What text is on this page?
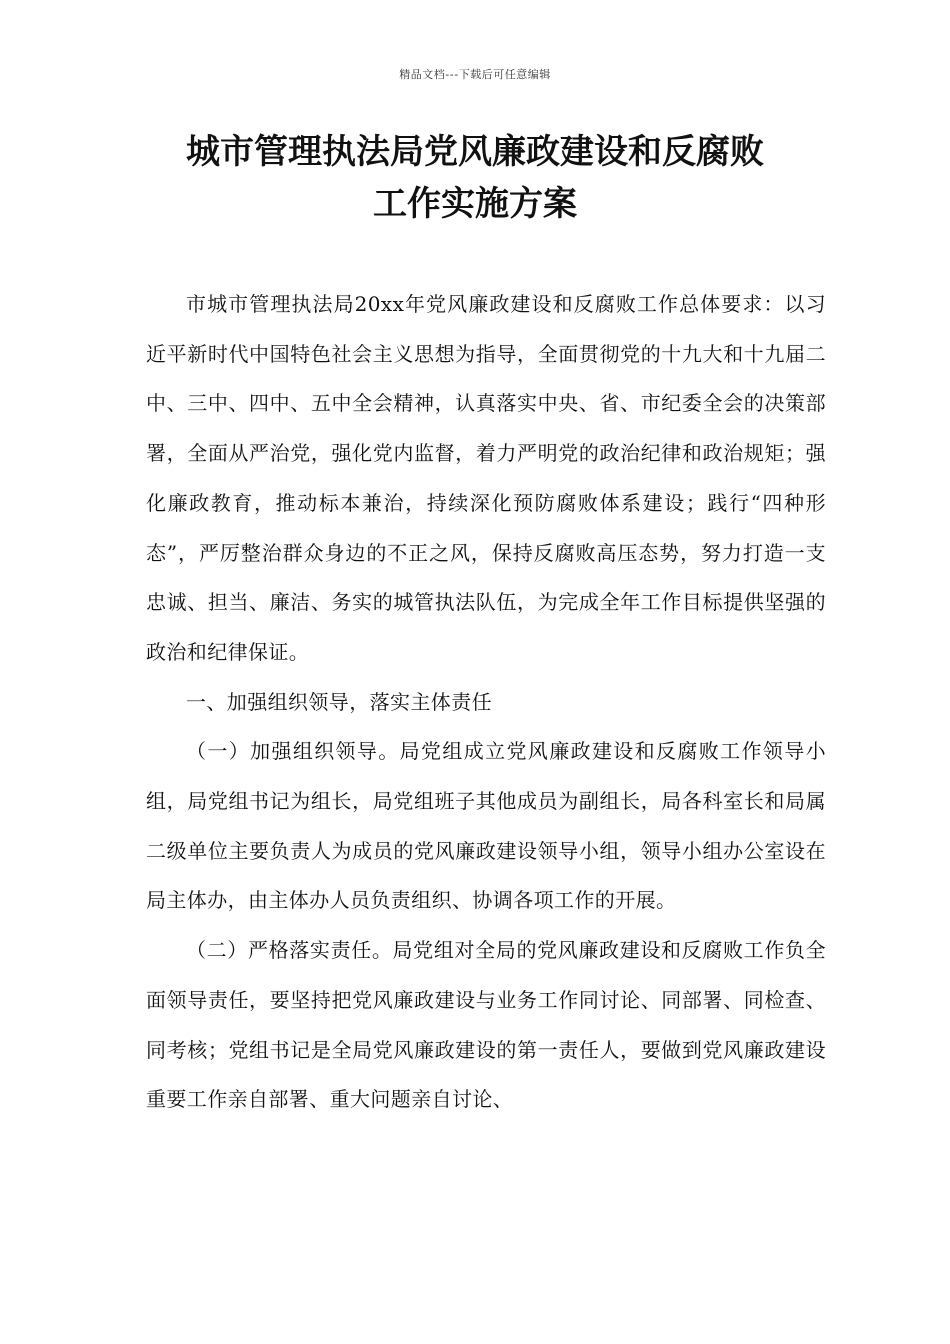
精品文档---下载后可任意编辑
城市管理执法局党风廉政建设和反腐败
工作实施方案

市城市管理执法局20xx年党风廉政建设和反腐败工作总体要求：以习近平新时代中国特色社会主义思想为指导，全面贯彻党的十九大和十九届二中、三中、四中、五中全会精神，认真落实中央、省、市纪委全会的决策部署，全面从严治党，强化党内监督，着力严明党的政治纪律和政治规矩；强化廉政教育，推动标本兼治，持续深化预防腐败体系建设；践行“四种形态”，严厉整治群众身边的不正之风，保持反腐败高压态势，努力打造一支忠诚、担当、廉洁、务实的城管执法队伍，为完成全年工作目标提供坚强的政治和纪律保证。

一、加强组织领导，落实主体责任

（一）加强组织领导。局党组成立党风廉政建设和反腐败工作领导小组，局党组书记为组长，局党组班子其他成员为副组长，局各科室长和局属二级单位主要负责人为成员的党风廉政建设领导小组，领导小组办公室设在局主体办，由主体办人员负责组织、协调各项工作的开展。

（二）严格落实责任。局党组对全局的党风廉政建设和反腐败工作负全面领导责任，要坚持把党风廉政建设与业务工作同讨论、同部署、同检查、同考核；党组书记是全局党风廉政建设的第一责任人，要做到党风廉政建设重要工作亲自部署、重大问题亲自讨论、
